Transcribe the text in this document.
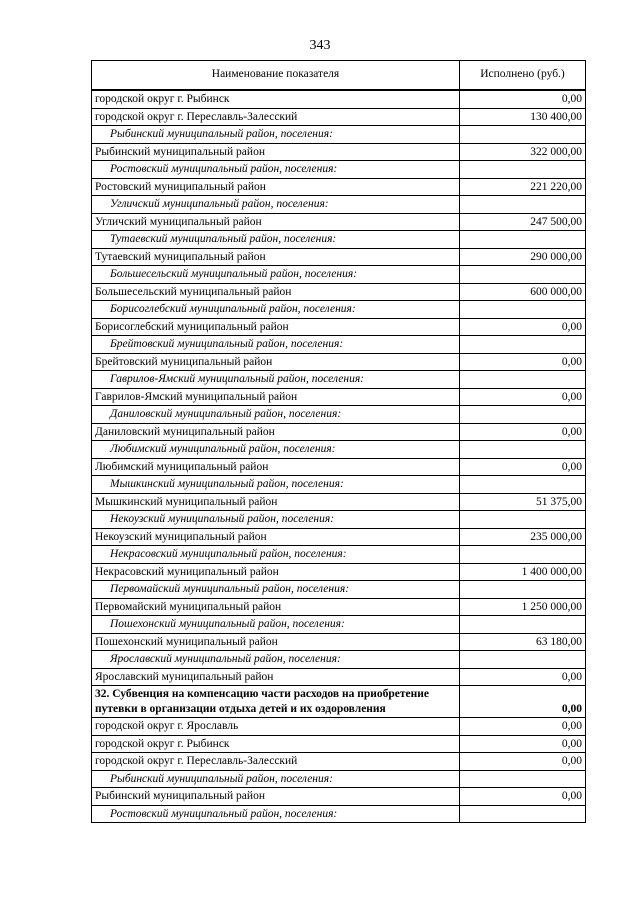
343
Наименование показателя	Исполнено (руб.)
городской округ г. Рыбинск	0,00
городской округ г. Переславль-Залесский	130 400,00
Рыбинский муниципальный район, поселения:	
Рыбинский муниципальный район	322 000,00
Ростовский муниципальный район, поселения:	
Ростовский муниципальный район	221 220,00
Угличский муниципальный район, поселения:	
Угличский муниципальный район	247 500,00
Тутаевский муниципальный район, поселения:	
Тутаевский муниципальный район	290 000,00
Большесельский муниципальный район, поселения:	
Большесельский муниципальный район	600 000,00
Борисоглебский муниципальный район, поселения:	
Борисоглебский муниципальный район	0,00
Брейтовский муниципальный район, поселения:	
Брейтовский муниципальный район	0,00
Гаврилов-Ямский муниципальный район, поселения:	
Гаврилов-Ямский муниципальный район	0,00
Даниловский муниципальный район, поселения:	
Даниловский муниципальный район	0,00
Любимский муниципальный район, поселения:	
Любимский муниципальный район	0,00
Мышкинский муниципальный район, поселения:	
Мышкинский муниципальный район	51 375,00
Некоузский муниципальный район, поселения:	
Некоузский муниципальный район	235 000,00
Некрасовский муниципальный район, поселения:	
Некрасовский муниципальный район	1 400 000,00
Первомайский муниципальный район, поселения:	
Первомайский муниципальный район	1 250 000,00
Пошехонский муниципальный район, поселения:	
Пошехонский муниципальный район	63 180,00
Ярославский муниципальный район, поселения:	
Ярославский муниципальный район	0,00
32. Субвенция на компенсацию части расходов на приобретение путевки в организации отдыха детей и их оздоровления	0,00
городской округ г. Ярославль	0,00
городской округ г. Рыбинск	0,00
городской округ г. Переславль-Залесский	0,00
Рыбинский муниципальный район, поселения:	
Рыбинский муниципальный район	0,00
Ростовский муниципальный район, поселения:	
